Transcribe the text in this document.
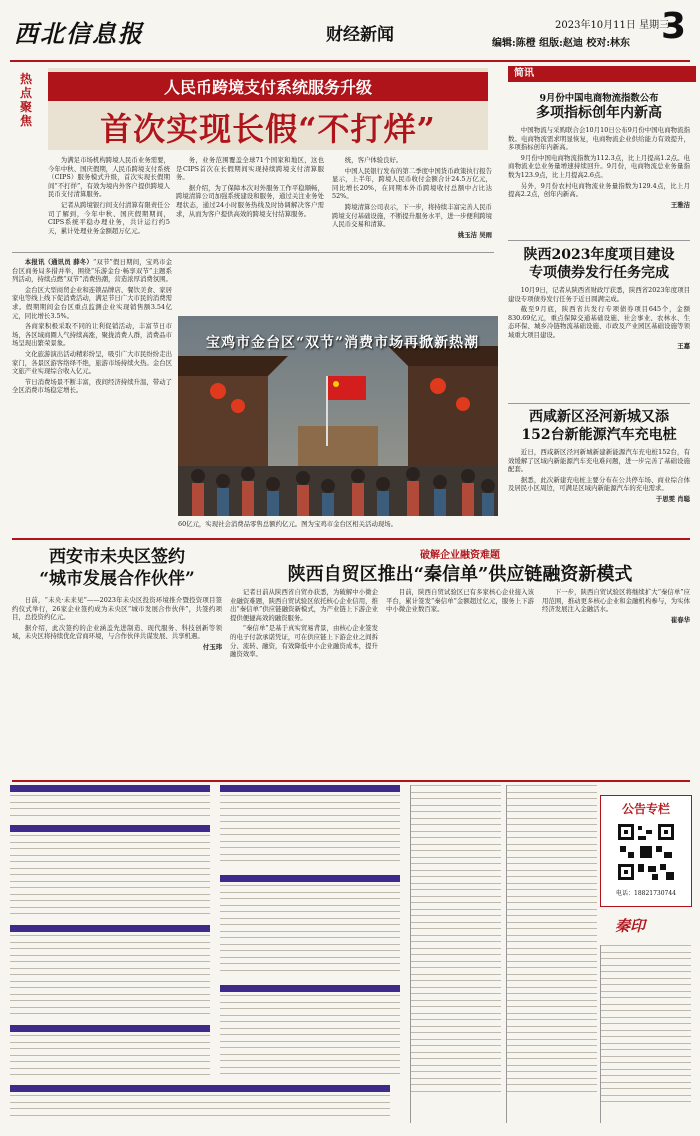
西北信息报	财经新闻	2023年10月11日 星期三
编辑:陈橙 组版:赵迪 校对:林东 3
热
点
聚
焦
人民币跨境支付系统服务升级
首次实现长假“不打烊”

为满足市场机构跨境人民币业务需要，今年中秋、国庆假期，人民币跨境支付系统（CIPS）服务模式升级，首次实现长假期间“不打烊”，有效为境内外客户提供跨境人民币支付清算服务。

记者从跨境银行间支付清算有限责任公司了解到，今年中秋、国庆假期期间，CIPS系统平稳办理业务，共计运行约5天，累计处理业务金额超万亿元。

务，业务范围覆盖全球71个国家和地区，这也是CIPS首次在长假期间实现持续跨境支付清算服务。

据介绍，为了保障本次对外服务工作平稳顺畅，跨境清算公司加强系统建设和服务，通过关注业务处理状态，通过24小时服务热线及时协调解决客户需求，从而为客户提供高效的跨境支付结算服务。

统，客户体验良好。

中国人民银行发布的第二季度中国货币政策执行报告显示，上半年，跨境人民币收付金额合计24.5万亿元，同比增长20%，在同期本外币跨境收付总额中占比达52%。

跨境清算公司表示，下一步，将持续丰富完善人民币跨境支付基础设施，不断提升服务水平，进一步便利跨境人民币交易和清算。

姚玉洁 吴雨

本报讯（通讯员 薛冬）“双节”假日期间，宝鸡市金台区商务局多措并举，围绕“乐游金台·畅享双节”主题系列活动，持续点燃“双节”消费热潮，营造浓厚消费氛围。

金台区大型商贸企业和连锁品牌店、餐饮美食、家居家电等线上线下促消费活动，满足节日广大市民的消费需求。假期期间金台区重点监测企业实现销售额3.54亿元，同比增长3.5%。

各商家积极采取不同的让利促销活动，丰富节日市场，各区域商圈人气持续高涨，聚拢消费人群，消费品市场呈现出繁荣景象。

文化旅游演出活动精彩纷呈，吸引广大市民纷纷走出家门，各景区游客络绎不绝，旅游市场持续火热。金台区文旅产业实现综合收入亿元。

节日消费场景不断丰富，夜间经济持续升温，带动了全区消费市场稳定增长。

宝鸡市金台区“双节”消费市场再掀新热潮
60亿元，实现社会消费品零售总额约亿元。图为宝鸡市金台区相关活动现场。
简讯
9月份中国电商物流指数公布
多项指标创年内新高

中国物流与采购联合会10月10日公布9月份中国电商物流指数。电商物流需求明显恢复，电商物流企业供给能力有效提升，多项指标创年内新高。

9月份中国电商物流指数为112.3点，比上月提高1.2点。电商物流业总业务量增速持续回升。9月份，电商物流总业务量指数为123.9点，比上月提高2.6点。

另外，9月份农村电商物流业务量指数为129.4点，比上月提高2.2点，创年内新高。

王雅洁
陕西2023年度项目建设
专项债券发行任务完成

10月9日，记者从陕西省财政厅获悉，陕西省2023年度项目建设专项债券发行任务于近日圆满完成。

截至9月底，陕西省共发行专项债券项目645个，金额830.69亿元，重点保障交通基础设施、社会事业、农林水、生态环保、城乡冷链物流基础设施、市政及产业园区基础设施等领域重大项目建设。

王嘉
西咸新区泾河新城又添
152台新能源汽车充电桩

近日，西咸新区泾河新城新建新能源汽车充电桩152台，有效缓解了区域内新能源汽车充电难问题，进一步完善了基础设施配套。

据悉，此次新建充电桩主要分布在公共停车场、商业综合体及居民小区周边，可满足区域内新能源汽车的充电需求。

于思雯 肖聪
西安市未央区签约
“城市发展合作伙伴”

日前，“未央·未来见”——2023年未央区投资环境推介暨投资项目签约仪式举行，26家企业签约成为未央区“城市发展合作伙伴”，共签约项目，总投资约亿元。

据介绍，此次签约的企业涵盖先进制造、现代服务、科技创新等领域，未央区将持续优化营商环境，与合作伙伴共谋发展、共享机遇。

付玉玮
破解企业融资难题
陕西自贸区推出“秦信单”供应链融资新模式

记者日前从陕西省自贸办获悉，为破解中小微企业融资难题，陕西自贸试验区依托核心企业信用，推出“秦信单”供应链融资新模式，为产业链上下游企业提供便捷高效的融资服务。

“秦信单”是基于真实贸易背景，由核心企业签发的电子付款承诺凭证，可在供应链上下游企业之间拆分、流转、融资，有效降低中小企业融资成本，提升融资效率。

目前，陕西自贸试验区已有多家核心企业接入该平台，累计签发“秦信单”金额超过亿元，服务上下游中小微企业数百家。

下一步，陕西自贸试验区将继续扩大“秦信单”应用范围，推动更多核心企业和金融机构参与，为实体经济发展注入金融活水。

崔春华
公告专栏
电话：18821730744
秦印
